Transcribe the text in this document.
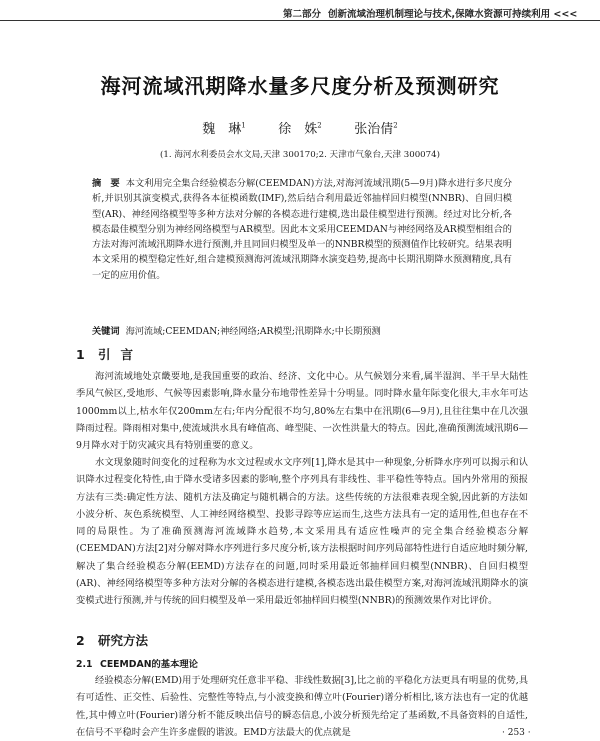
第二部分 创新流域治理机制理论与技术,保障水资源可持续利用 <<<
海河流域汛期降水量多尺度分析及预测研究
魏　琳$^1$	徐　姝$^2$	张治倩$^2$
(1. 海河水利委员会水文局,天津 300170;2. 天津市气象台,天津 300074)
摘　要 本文利用完全集合经验模态分解(CEEMDAN)方法,对海河流域汛期(5—9月)降水进行多尺度分析,并识别其演变模式,获得各本征模函数(IMF),然后结合利用最近邻抽样回归模型(NNBR)、自回归模型(AR)、神经网络模型等多种方法对分解的各模态进行建模,选出最佳模型进行预测。经过对比分析,各模态最佳模型分别为神经网络模型与AR模型。因此本文采用CEEMDAN与神经网络及AR模型相组合的方法对海河流域汛期降水进行预测,并且同回归模型及单一的NNBR模型的预测值作比较研究。结果表明本文采用的模型稳定性好,组合建模预测海河流域汛期降水演变趋势,提高中长期汛期降水预测精度,具有一定的应用价值。
关键词 海河流域;CEEMDAN;神经网络;AR模型;汛期降水;中长期预测
1 引言
海河流域地处京畿要地,是我国重要的政治、经济、文化中心。从气候划分来看,属半湿润、半干旱大陆性季风气候区,受地形、气候等因素影响,降水量分布地带性差异十分明显。同时降水量年际变化很大,丰水年可达1000mm以上,枯水年仅200mm左右;年内分配很不均匀,80%左右集中在汛期(6—9月),且往往集中在几次强降雨过程。降雨相对集中,使流域洪水具有峰值高、峰型陡、一次性洪量大的特点。因此,准确预测流域汛期6—9月降水对于防灾减灾具有特别重要的意义。
水文现象随时间变化的过程称为水文过程或水文序列[1],降水是其中一种现象,分析降水序列可以揭示和认识降水过程变化特性,由于降水受诸多因素的影响,整个序列具有非线性、非平稳性等特点。国内外常用的预报方法有三类:确定性方法、随机方法及确定与随机耦合的方法。这些传统的方法很难表现全貌,因此新的方法如小波分析、灰色系统模型、人工神经网络模型、投影寻踪等应运而生,这些方法具有一定的适用性,但也存在不同的局限性。为了准确预测海河流域降水趋势,本文采用具有适应性噪声的完全集合经验模态分解(CEEMDAN)方法[2]对分解对降水序列进行多尺度分析,该方法根据时间序列局部特性进行自适应地时频分解,解决了集合经验模态分解(EEMD)方法存在的问题,同时采用最近邻抽样回归模型(NNBR)、自回归模型(AR)、神经网络模型等多种方法对分解的各模态进行建模,各模态选出最佳模型方案,对海河流域汛期降水的演变模式进行预测,并与传统的回归模型及单一采用最近邻抽样回归模型(NNBR)的预测效果作对比评价。
2 研究方法
2.1 CEEMDAN的基本理论
经验模态分解(EMD)用于处理研究任意非平稳、非线性数据[3],比之前的平稳化方法更具有明显的优势,具有可适性、正交性、后验性、完整性等特点,与小波变换和傅立叶(Fourier)谱分析相比,该方法也有一定的优越性,其中傅立叶(Fourier)谱分析不能反映出信号的瞬态信息,小波分析预先给定了基函数,不具备资料的自适性,在信号不平稳时会产生许多虚假的谐波。EMD方法最大的优点就是	· 253 ·
